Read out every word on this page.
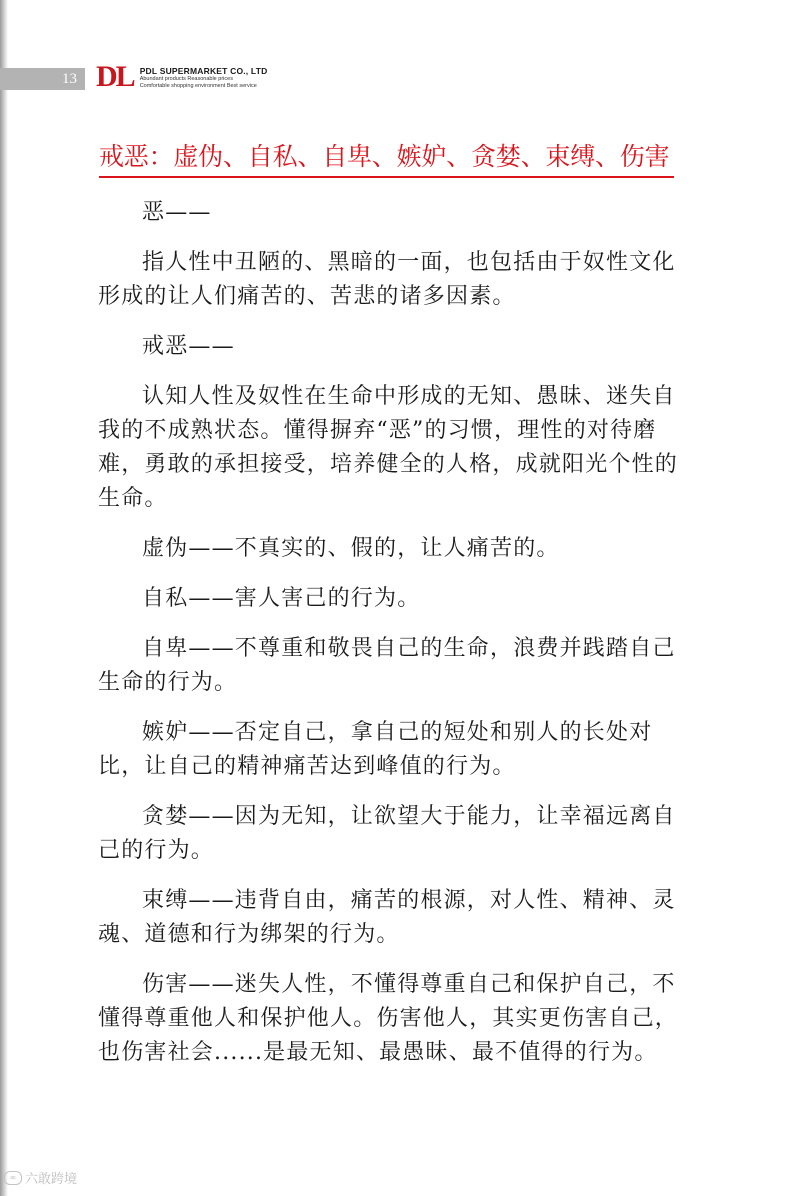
13 DL PDL SUPERMARKET CO., LTD
Abundant products Reasonable prices
Comfortable shopping environment Best service
戒恶：虚伪、自私、自卑、嫉妒、贪婪、束缚、伤害

恶——

指人性中丑陋的、黑暗的一面，也包括由于奴性文化形成的让人们痛苦的、苦悲的诸多因素。

戒恶——

认知人性及奴性在生命中形成的无知、愚昧、迷失自我的不成熟状态。懂得摒弃“恶”的习惯，理性的对待磨难，勇敢的承担接受，培养健全的人格，成就阳光个性的生命。

虚伪——不真实的、假的，让人痛苦的。

自私——害人害己的行为。

自卑——不尊重和敬畏自己的生命，浪费并践踏自己生命的行为。

嫉妒——否定自己，拿自己的短处和别人的长处对比，让自己的精神痛苦达到峰值的行为。

贪婪——因为无知，让欲望大于能力，让幸福远离自己的行为。

束缚——违背自由，痛苦的根源，对人性、精神、灵魂、道德和行为绑架的行为。

伤害——迷失人性，不懂得尊重自己和保护自己，不懂得尊重他人和保护他人。伤害他人，其实更伤害自己，也伤害社会......是最无知、最愚昧、最不值得的行为。

∞ 六敢跨境
